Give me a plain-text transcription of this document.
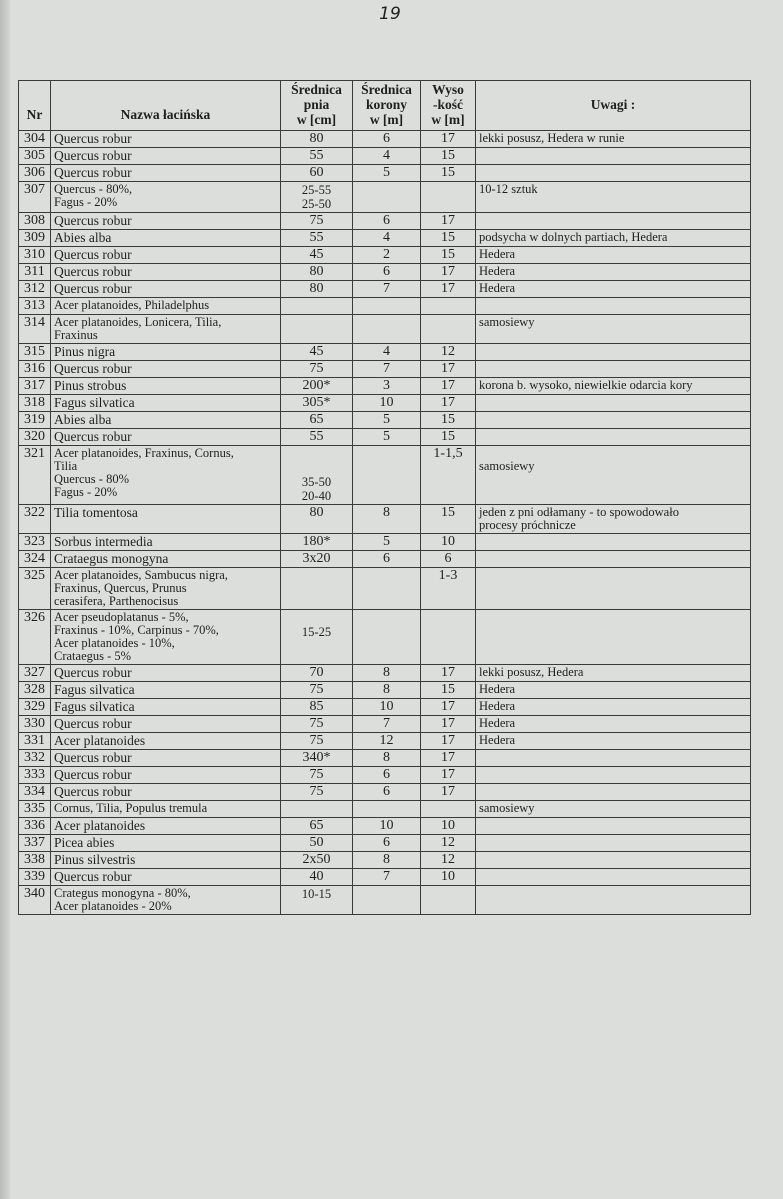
19
Nr	Nazwa łacińska	Średnica
pnia
w [cm]	Średnica
korony
w [m]	Wyso
-kość
w [m]	Uwagi :
304	Quercus robur	80	6	17	lekki posusz, Hedera w runie

305	Quercus robur	55	4	15	

306	Quercus robur	60	5	15	

307	Quercus - 80%,
Fagus - 20%	25-55
25-50			10-12 sztuk

308	Quercus robur	75	6	17	

309	Abies alba	55	4	15	podsycha w dolnych partiach, Hedera

310	Quercus robur	45	2	15	Hedera

311	Quercus robur	80	6	17	Hedera

312	Quercus robur	80	7	17	Hedera

313	Acer platanoides, Philadelphus				

314	Acer platanoides, Lonicera, Tilia,
Fraxinus				samosiewy

315	Pinus nigra	45	4	12	

316	Quercus robur	75	7	17	

317	Pinus strobus	200*	3	17	korona b. wysoko, niewielkie odarcia kory

318	Fagus silvatica	305*	10	17	

319	Abies alba	65	5	15	

320	Quercus robur	55	5	15	

321	Acer platanoides, Fraxinus, Cornus,
Tilia
Quercus - 80%
Fagus - 20%	35-50
20-40		1-1,5	samosiewy

322	Tilia tomentosa	80	8	15	jeden z pni odłamany - to spowodowało
procesy próchnicze

323	Sorbus intermedia	180*	5	10	

324	Crataegus monogyna	3x20	6	6	

325	Acer platanoides, Sambucus nigra,
Fraxinus, Quercus, Prunus
cerasifera, Parthenocisus			1-3	

326	Acer pseudoplatanus - 5%,
Fraxinus - 10%, Carpinus - 70%,
Acer platanoides - 10%,
Crataegus - 5%	15-25			

327	Quercus robur	70	8	17	lekki posusz, Hedera

328	Fagus silvatica	75	8	15	Hedera

329	Fagus silvatica	85	10	17	Hedera

330	Quercus robur	75	7	17	Hedera

331	Acer platanoides	75	12	17	Hedera

332	Quercus robur	340*	8	17	

333	Quercus robur	75	6	17	

334	Quercus robur	75	6	17	

335	Cornus, Tilia, Populus tremula				samosiewy

336	Acer platanoides	65	10	10	

337	Picea abies	50	6	12	

338	Pinus silvestris	2x50	8	12	

339	Quercus robur	40	7	10	

340	Crategus monogyna - 80%,
Acer platanoides - 20%	10-15			
